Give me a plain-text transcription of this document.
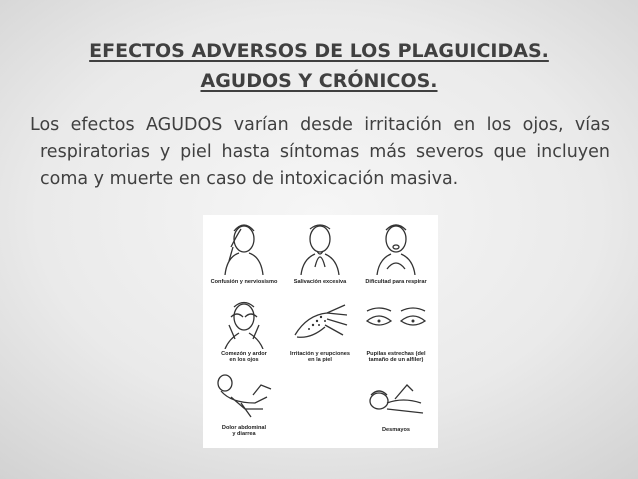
EFECTOS ADVERSOS DE LOS PLAGUICIDAS.
AGUDOS Y CRÓNICOS.
Los efectos AGUDOS varían desde irritación en los ojos, vías respiratorias y piel hasta síntomas más severos que incluyen coma y muerte en caso de intoxicación masiva.
Confusión y nerviosismo	Salivación excesiva	Dificultad para respirar
Comezón y ardor
en los ojos
Irritación y erupciones
en la piel
Pupilas estrechas (del
tamaño de un alfiler)
Dolor abdominal
y diarrea
Desmayos
